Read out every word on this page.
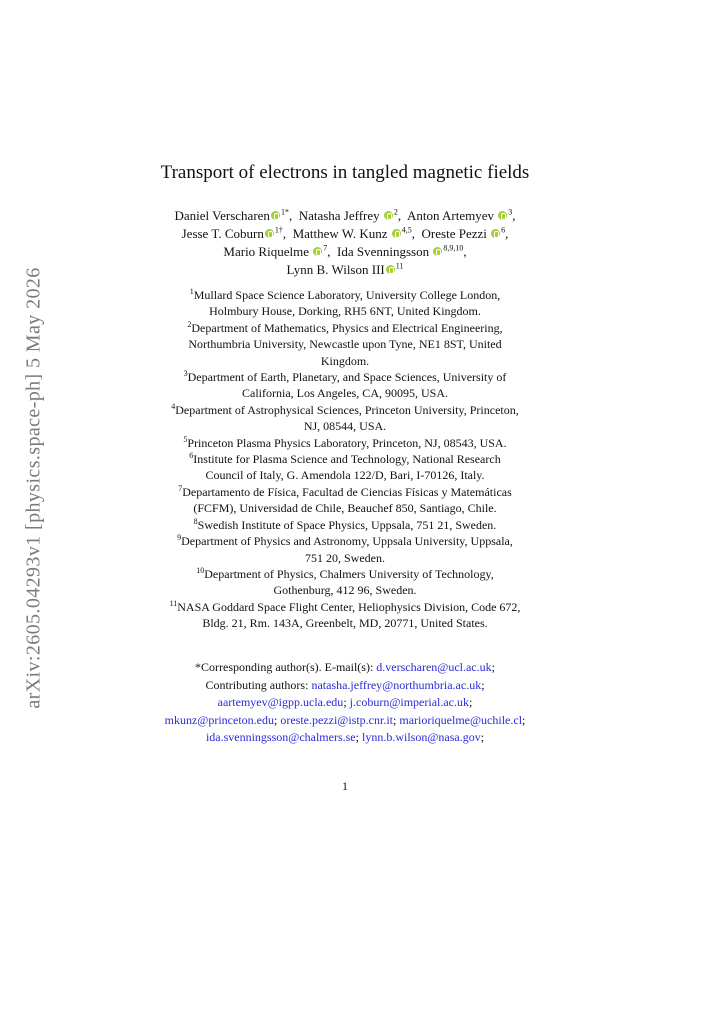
arXiv:2605.04293v1 [physics.space-ph] 5 May 2026
Transport of electrons in tangled magnetic fields
Daniel Verscharen $^{1*}$, Natasha Jeffrey $^2$, Anton Artemyev $^3$,
Jesse T. Coburn $^{1\dagger}$, Matthew W. Kunz $^{4,5}$, Oreste Pezzi $^6$,
Mario Riquelme $^7$, Ida Svenningsson $^{8,9,10}$,
Lynn B. Wilson III $^{11}$
$^1$Mullard Space Science Laboratory, University College London,
Holmbury House, Dorking, RH5 6NT, United Kingdom.
$^2$Department of Mathematics, Physics and Electrical Engineering,
Northumbria University, Newcastle upon Tyne, NE1 8ST, United
Kingdom.
$^3$Department of Earth, Planetary, and Space Sciences, University of
California, Los Angeles, CA, 90095, USA.
$^4$Department of Astrophysical Sciences, Princeton University, Princeton,
NJ, 08544, USA.
$^5$Princeton Plasma Physics Laboratory, Princeton, NJ, 08543, USA.
$^6$Institute for Plasma Science and Technology, National Research
Council of Italy, G. Amendola 122/D, Bari, I-70126, Italy.
$^7$Departamento de Física, Facultad de Ciencias Físicas y Matemáticas
(FCFM), Universidad de Chile, Beauchef 850, Santiago, Chile.
$^8$Swedish Institute of Space Physics, Uppsala, 751 21, Sweden.
$^9$Department of Physics and Astronomy, Uppsala University, Uppsala,
751 20, Sweden.
$^{10}$Department of Physics, Chalmers University of Technology,
Gothenburg, 412 96, Sweden.
$^{11}$NASA Goddard Space Flight Center, Heliophysics Division, Code 672,
Bldg. 21, Rm. 143A, Greenbelt, MD, 20771, United States.
*Corresponding author(s). E-mail(s): d.verscharen@ucl.ac.uk;
Contributing authors: natasha.jeffrey@northumbria.ac.uk;
aartemyev@igpp.ucla.edu; j.coburn@imperial.ac.uk;
mkunz@princeton.edu; oreste.pezzi@istp.cnr.it; marioriquelme@uchile.cl;
ida.svenningsson@chalmers.se; lynn.b.wilson@nasa.gov;
1
